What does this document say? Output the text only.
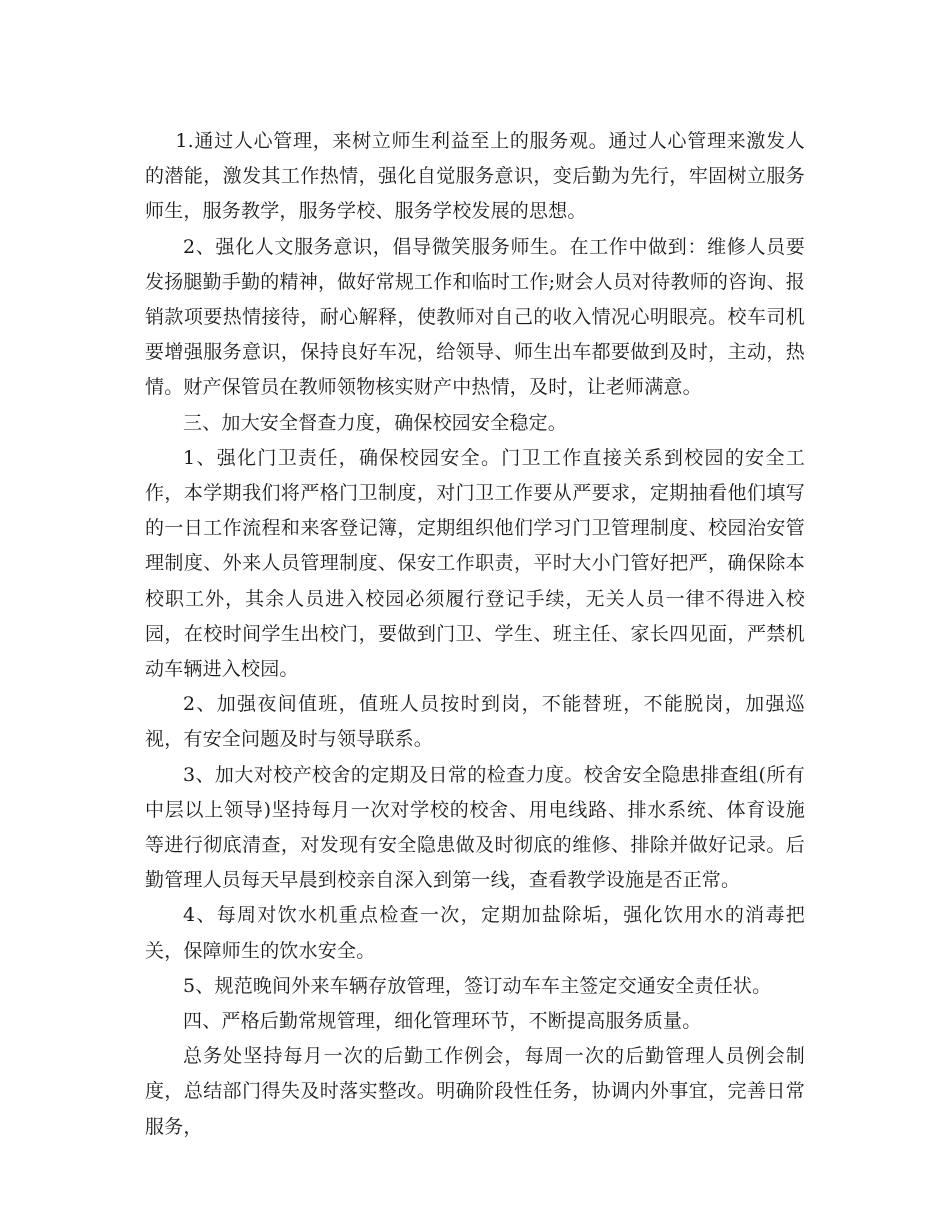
1.通过人心管理，来树立师生利益至上的服务观。通过人心管理来激发人的潜能，激发其工作热情，强化自觉服务意识，变后勤为先行，牢固树立服务师生，服务教学，服务学校、服务学校发展的思想。

2、强化人文服务意识，倡导微笑服务师生。在工作中做到：维修人员要发扬腿勤手勤的精神，做好常规工作和临时工作;财会人员对待教师的咨询、报销款项要热情接待，耐心解释，使教师对自己的收入情况心明眼亮。校车司机要增强服务意识，保持良好车况，给领导、师生出车都要做到及时，主动，热情。财产保管员在教师领物核实财产中热情，及时，让老师满意。

三、加大安全督查力度，确保校园安全稳定。

1、强化门卫责任，确保校园安全。门卫工作直接关系到校园的安全工作，本学期我们将严格门卫制度，对门卫工作要从严要求，定期抽看他们填写的一日工作流程和来客登记簿，定期组织他们学习门卫管理制度、校园治安管理制度、外来人员管理制度、保安工作职责，平时大小门管好把严，确保除本校职工外，其余人员进入校园必须履行登记手续，无关人员一律不得进入校园，在校时间学生出校门，要做到门卫、学生、班主任、家长四见面，严禁机动车辆进入校园。

2、加强夜间值班，值班人员按时到岗，不能替班，不能脱岗，加强巡视，有安全问题及时与领导联系。

3、加大对校产校舍的定期及日常的检查力度。校舍安全隐患排查组(所有中层以上领导)坚持每月一次对学校的校舍、用电线路、排水系统、体育设施等进行彻底清查，对发现有安全隐患做及时彻底的维修、排除并做好记录。后勤管理人员每天早晨到校亲自深入到第一线，查看教学设施是否正常。

4、每周对饮水机重点检查一次，定期加盐除垢，强化饮用水的消毒把关，保障师生的饮水安全。

5、规范晚间外来车辆存放管理，签订动车车主签定交通安全责任状。

四、严格后勤常规管理，细化管理环节，不断提高服务质量。

总务处坚持每月一次的后勤工作例会，每周一次的后勤管理人员例会制度，总结部门得失及时落实整改。明确阶段性任务，协调内外事宜，完善日常服务，
